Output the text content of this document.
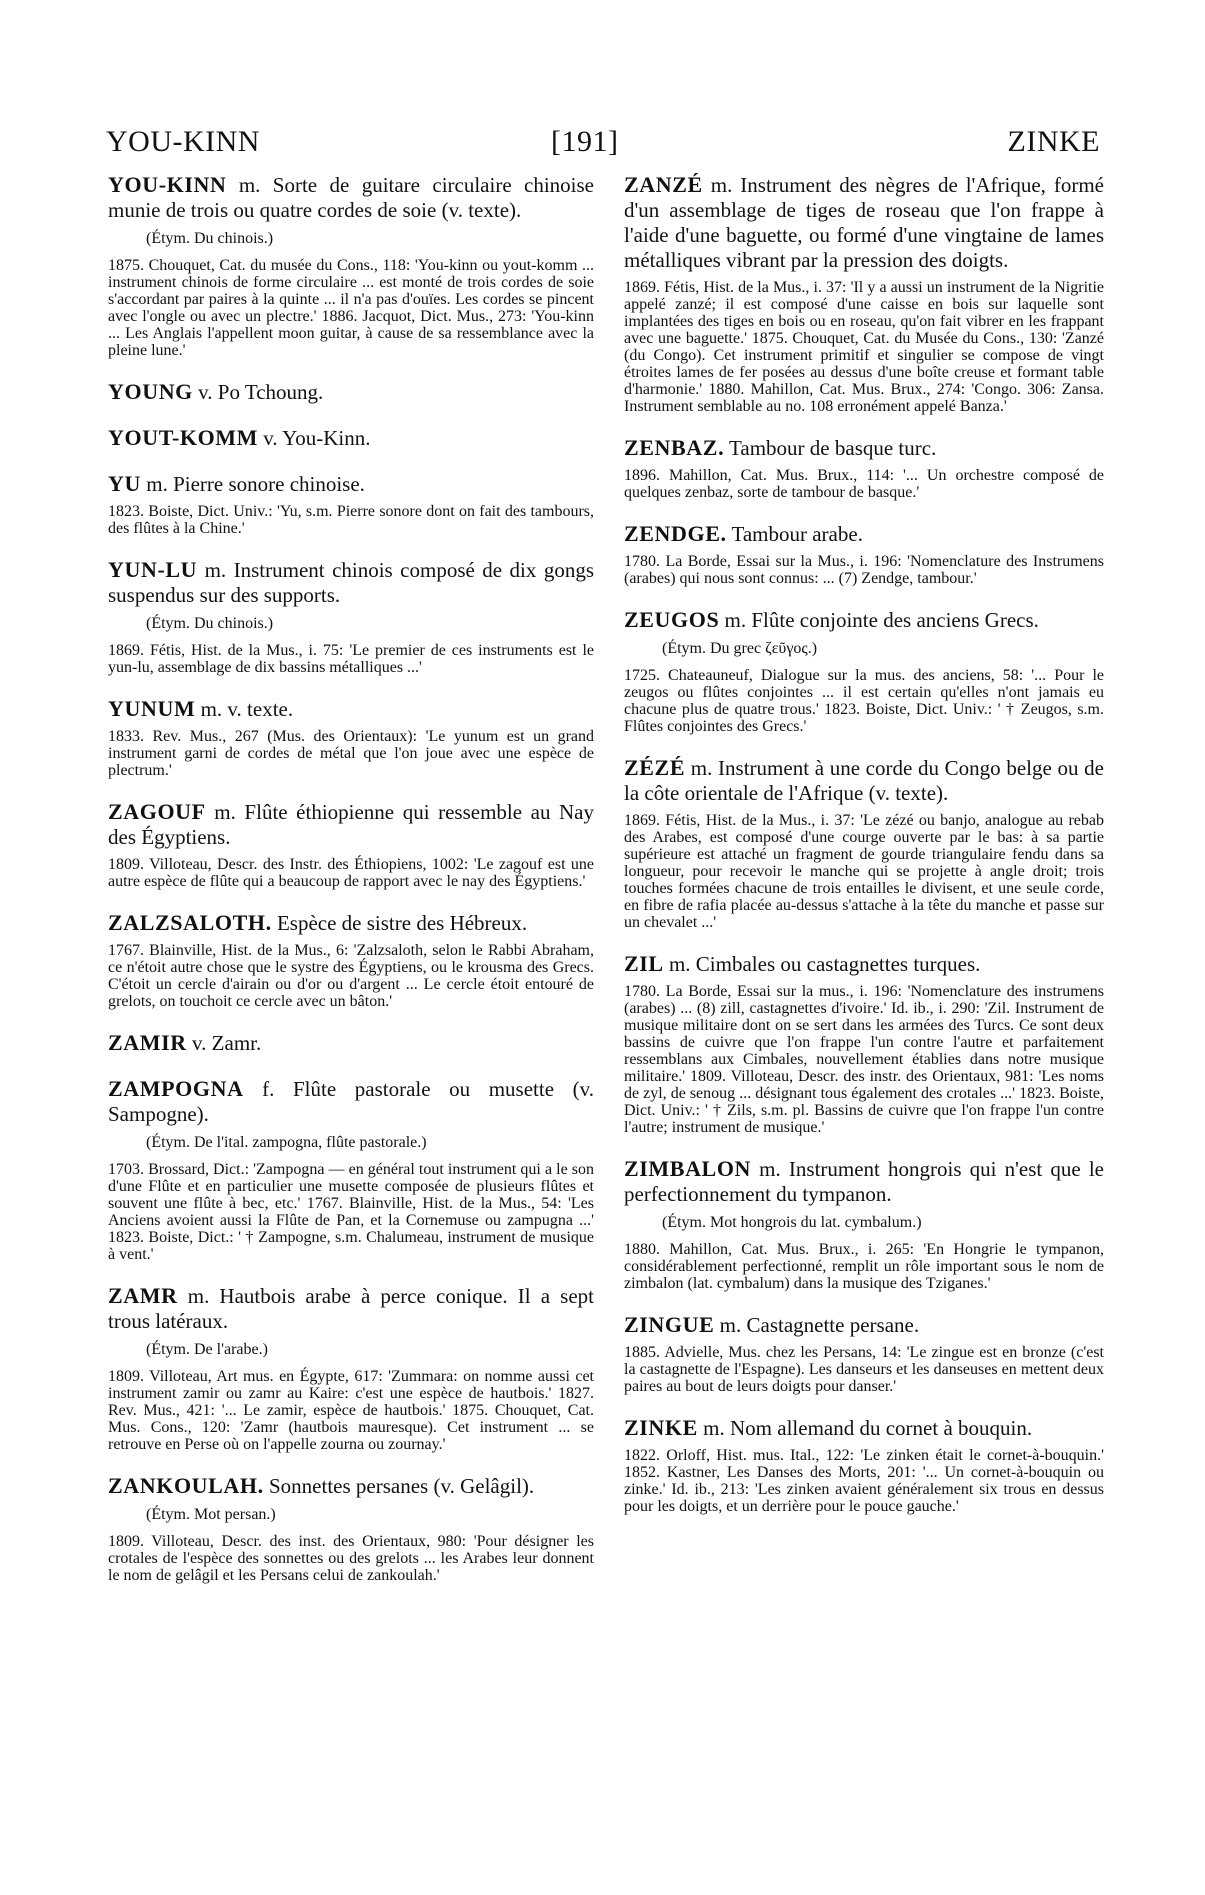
YOU-KINN	[191]	ZINKE

YOU-KINN m. Sorte de guitare circulaire chinoise munie de trois ou quatre cordes de soie (v. texte).

(Étym. Du chinois.)
1875. Chouquet, Cat. du musée du Cons., 118: 'You-kinn ou yout-komm ... instrument chinois de forme circulaire ... est monté de trois cordes de soie s'accordant par paires à la quinte ... il n'a pas d'ouïes. Les cordes se pincent avec l'ongle ou avec un plectre.' 1886. Jacquot, Dict. Mus., 273: 'You-kinn ... Les Anglais l'appellent moon guitar, à cause de sa ressemblance avec la pleine lune.'

YOUNG v. Po Tchoung.

YOUT-KOMM v. You-Kinn.

YU m. Pierre sonore chinoise.

1823. Boiste, Dict. Univ.: 'Yu, s.m. Pierre sonore dont on fait des tambours, des flûtes à la Chine.'

YUN-LU m. Instrument chinois composé de dix gongs suspendus sur des supports.

(Étym. Du chinois.)
1869. Fétis, Hist. de la Mus., i. 75: 'Le premier de ces instruments est le yun-lu, assemblage de dix bassins métalliques ...'

YUNUM m. v. texte.

1833. Rev. Mus., 267 (Mus. des Orientaux): 'Le yunum est un grand instrument garni de cordes de métal que l'on joue avec une espèce de plectrum.'

ZAGOUF m. Flûte éthiopienne qui ressemble au Nay des Égyptiens.

1809. Villoteau, Descr. des Instr. des Éthiopiens, 1002: 'Le zagouf est une autre espèce de flûte qui a beaucoup de rapport avec le nay des Égyptiens.'

ZALZSALOTH. Espèce de sistre des Hébreux.

1767. Blainville, Hist. de la Mus., 6: 'Zalzsaloth, selon le Rabbi Abraham, ce n'étoit autre chose que le systre des Égyptiens, ou le krousma des Grecs. C'étoit un cercle d'airain ou d'or ou d'argent ... Le cercle étoit entouré de grelots, on touchoit ce cercle avec un bâton.'

ZAMIR v. Zamr.

ZAMPOGNA f. Flûte pastorale ou musette (v. Sampogne).

(Étym. De l'ital. zampogna, flûte pastorale.)
1703. Brossard, Dict.: 'Zampogna — en général tout instrument qui a le son d'une Flûte et en particulier une musette composée de plusieurs flûtes et souvent une flûte à bec, etc.' 1767. Blainville, Hist. de la Mus., 54: 'Les Anciens avoient aussi la Flûte de Pan, et la Cornemuse ou zampugna ...' 1823. Boiste, Dict.: ' † Zampogne, s.m. Chalumeau, instrument de musique à vent.'

ZAMR m. Hautbois arabe à perce conique. Il a sept trous latéraux.

(Étym. De l'arabe.)
1809. Villoteau, Art mus. en Égypte, 617: 'Zummara: on nomme aussi cet instrument zamir ou zamr au Kaire: c'est une espèce de hautbois.' 1827. Rev. Mus., 421: '... Le zamir, espèce de hautbois.' 1875. Chouquet, Cat. Mus. Cons., 120: 'Zamr (hautbois mauresque). Cet instrument ... se retrouve en Perse où on l'appelle zourna ou zournay.'

ZANKOULAH. Sonnettes persanes (v. Gelâgil).

(Étym. Mot persan.)
1809. Villoteau, Descr. des inst. des Orientaux, 980: 'Pour désigner les crotales de l'espèce des sonnettes ou des grelots ... les Arabes leur donnent le nom de gelâgil et les Persans celui de zankoulah.'

ZANZÉ m. Instrument des nègres de l'Afrique, formé d'un assemblage de tiges de roseau que l'on frappe à l'aide d'une baguette, ou formé d'une vingtaine de lames métalliques vibrant par la pression des doigts.

1869. Fétis, Hist. de la Mus., i. 37: 'Il y a aussi un instrument de la Nigritie appelé zanzé; il est composé d'une caisse en bois sur laquelle sont implantées des tiges en bois ou en roseau, qu'on fait vibrer en les frappant avec une baguette.' 1875. Chouquet, Cat. du Musée du Cons., 130: 'Zanzé (du Congo). Cet instrument primitif et singulier se compose de vingt étroites lames de fer posées au dessus d'une boîte creuse et formant table d'harmonie.' 1880. Mahillon, Cat. Mus. Brux., 274: 'Congo. 306: Zansa. Instrument semblable au no. 108 erronément appelé Banza.'

ZENBAZ. Tambour de basque turc.

1896. Mahillon, Cat. Mus. Brux., 114: '... Un orchestre composé de quelques zenbaz, sorte de tambour de basque.'

ZENDGE. Tambour arabe.

1780. La Borde, Essai sur la Mus., i. 196: 'Nomenclature des Instrumens (arabes) qui nous sont connus: ... (7) Zendge, tambour.'

ZEUGOS m. Flûte conjointe des anciens Grecs.

(Étym. Du grec ζεῦγος.)
1725. Chateauneuf, Dialogue sur la mus. des anciens, 58: '... Pour le zeugos ou flûtes conjointes ... il est certain qu'elles n'ont jamais eu chacune plus de quatre trous.' 1823. Boiste, Dict. Univ.: ' † Zeugos, s.m. Flûtes conjointes des Grecs.'

ZÉZÉ m. Instrument à une corde du Congo belge ou de la côte orientale de l'Afrique (v. texte).

1869. Fétis, Hist. de la Mus., i. 37: 'Le zézé ou banjo, analogue au rebab des Arabes, est composé d'une courge ouverte par le bas: à sa partie supérieure est attaché un fragment de gourde triangulaire fendu dans sa longueur, pour recevoir le manche qui se projette à angle droit; trois touches formées chacune de trois entailles le divisent, et une seule corde, en fibre de rafia placée au-dessus s'attache à la tête du manche et passe sur un chevalet ...'

ZIL m. Cimbales ou castagnettes turques.

1780. La Borde, Essai sur la mus., i. 196: 'Nomenclature des instrumens (arabes) ... (8) zill, castagnettes d'ivoire.' Id. ib., i. 290: 'Zil. Instrument de musique militaire dont on se sert dans les armées des Turcs. Ce sont deux bassins de cuivre que l'on frappe l'un contre l'autre et parfaitement ressemblans aux Cimbales, nouvellement établies dans notre musique militaire.' 1809. Villoteau, Descr. des instr. des Orientaux, 981: 'Les noms de zyl, de senoug ... désignant tous également des crotales ...' 1823. Boiste, Dict. Univ.: ' † Zils, s.m. pl. Bassins de cuivre que l'on frappe l'un contre l'autre; instrument de musique.'

ZIMBALON m. Instrument hongrois qui n'est que le perfectionnement du tympanon.

(Étym. Mot hongrois du lat. cymbalum.)
1880. Mahillon, Cat. Mus. Brux., i. 265: 'En Hongrie le tympanon, considérablement perfectionné, remplit un rôle important sous le nom de zimbalon (lat. cymbalum) dans la musique des Tziganes.'

ZINGUE m. Castagnette persane.

1885. Advielle, Mus. chez les Persans, 14: 'Le zingue est en bronze (c'est la castagnette de l'Espagne). Les danseurs et les danseuses en mettent deux paires au bout de leurs doigts pour danser.'

ZINKE m. Nom allemand du cornet à bouquin.

1822. Orloff, Hist. mus. Ital., 122: 'Le zinken était le cornet-à-bouquin.' 1852. Kastner, Les Danses des Morts, 201: '... Un cornet-à-bouquin ou zinke.' Id. ib., 213: 'Les zinken avaient généralement six trous en dessus pour les doigts, et un derrière pour le pouce gauche.'
